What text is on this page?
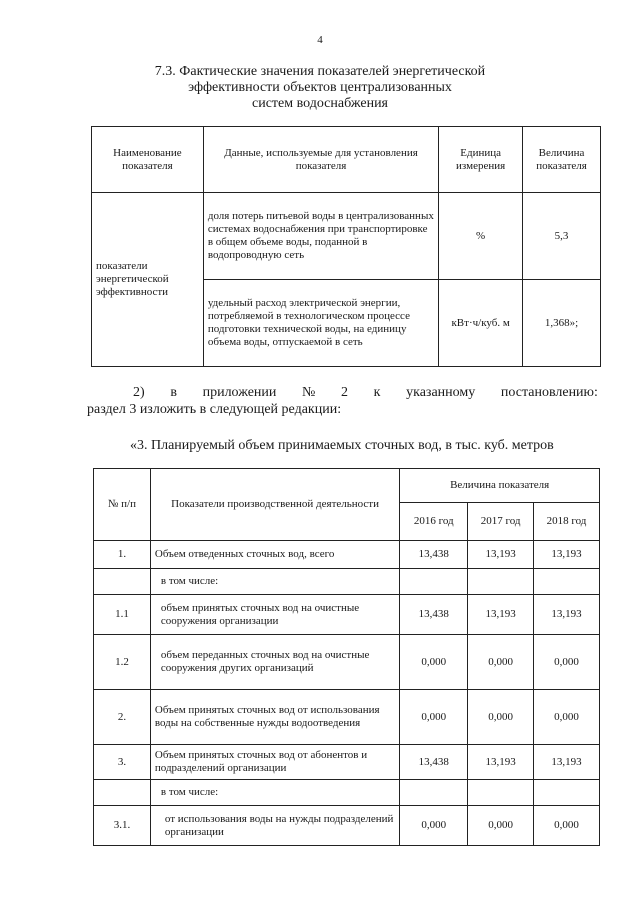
4
7.3. Фактические значения показателей энергетической
эффективности объектов централизованных
систем водоснабжения
Наименование показателя	Данные, используемые для установления показателя	Единица измерения	Величина показателя
показатели энергетической эффективности	доля потерь питьевой воды в централизованных системах водоснабжения при транспортировке в общем объеме воды, поданной в водопроводную сеть	%	5,3
	удельный расход электрической энергии, потребляемой в технологическом процессе подготовки технической воды, на единицу объема воды, отпускаемой в сеть	кВт·ч/куб. м	1,368»;
2) в приложении № 2 к указанному постановлению:
раздел 3 изложить в следующей редакции:
«3. Планируемый объем принимаемых сточных вод, в тыс. куб. метров
№ п/п	Показатели производственной деятельности	Величина показателя		
		2016 год	2017 год	2018 год
1.	Объем отведенных сточных вод, всего	13,438	13,193	13,193
	в том числе:			
1.1	объем принятых сточных вод на очистные сооружения организации	13,438	13,193	13,193
1.2	объем переданных сточных вод на очистные сооружения других организаций	0,000	0,000	0,000
2.	Объем принятых сточных вод от использования воды на собственные нужды водоотведения	0,000	0,000	0,000
3.	Объем принятых сточных вод от абонентов и подразделений организации	13,438	13,193	13,193
	в том числе:			
3.1.	от использования воды на нужды подразделений организации	0,000	0,000	0,000
